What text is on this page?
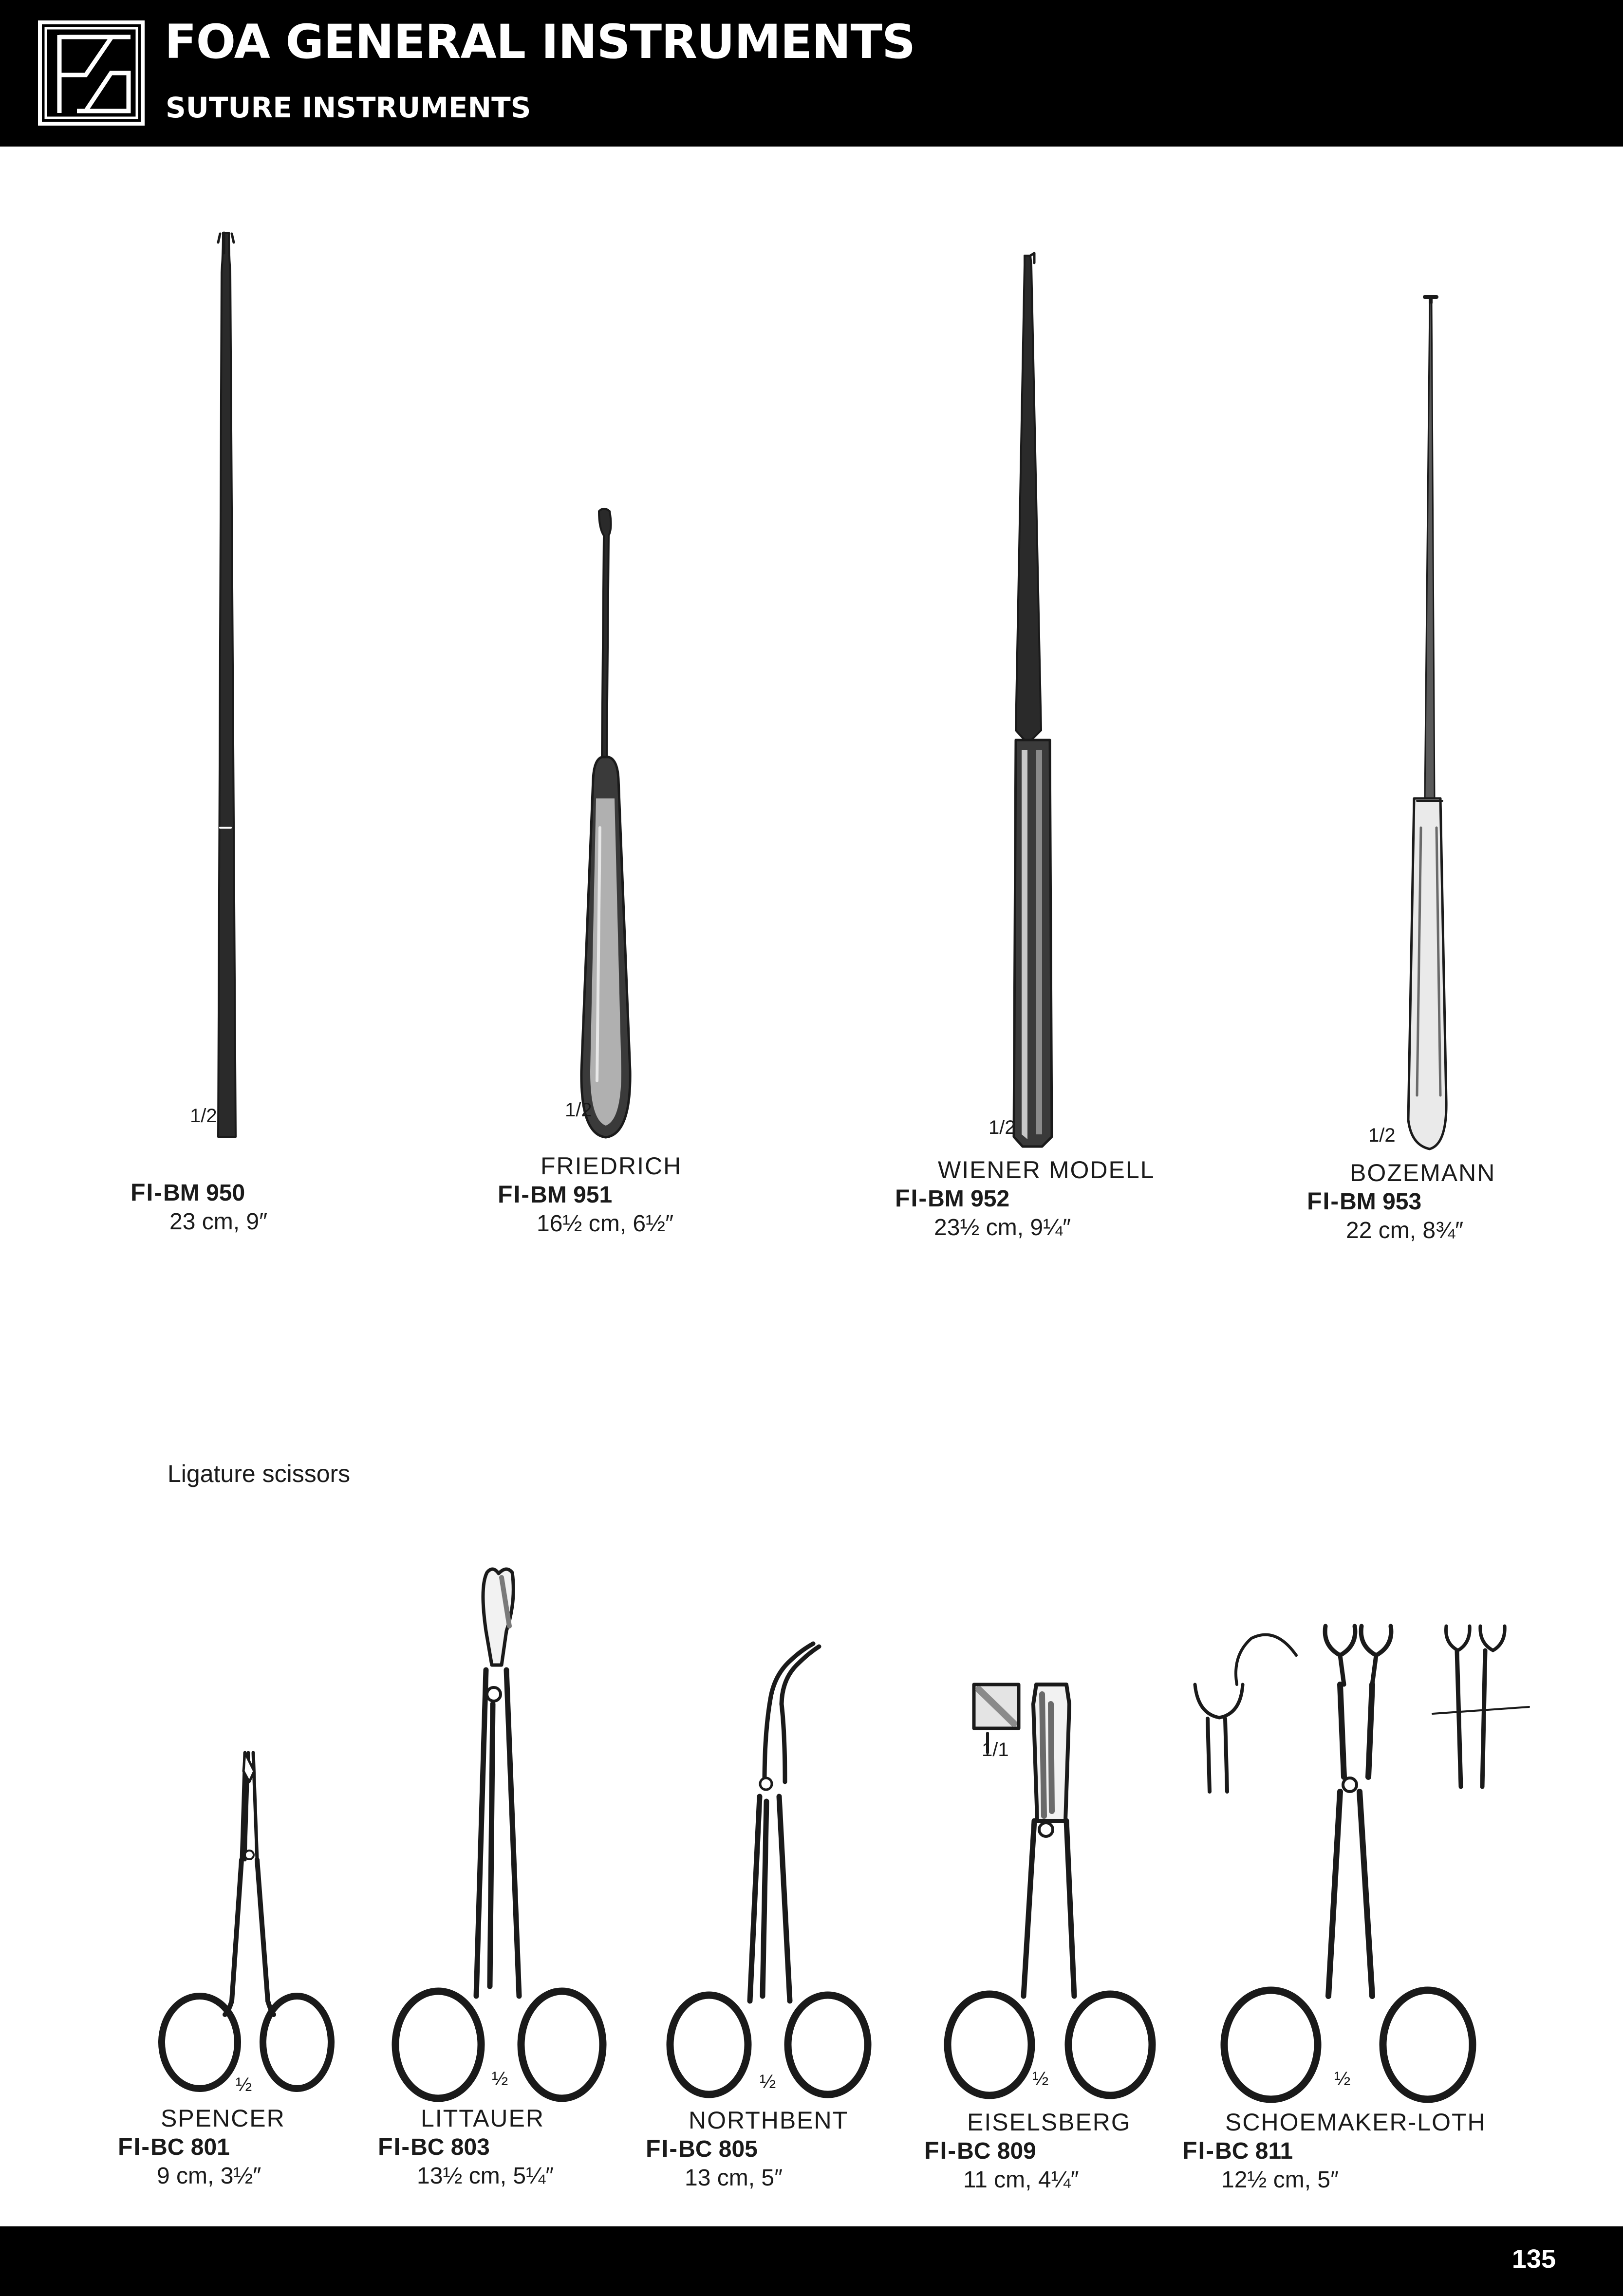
FOA GENERAL INSTRUMENTS
SUTURE INSTRUMENTS
1/2
FI-BM 950
23 cm, 9″
1/2
FRIEDRICH
FI-BM 951
16½ cm, 6½″
1/2
WIENER MODELL
FI-BM 952
23½ cm, 9¼″
1/2
BOZEMANN
FI-BM 953
22 cm, 8¾″
Ligature scissors
½	½	½	½
1/1
½
SPENCER
FI-BC 801
9 cm, 3½″
LITTAUER
FI-BC 803
13½ cm, 5¼″
NORTHBENT
FI-BC 805
13 cm, 5″
EISELSBERG
FI-BC 809
11 cm, 4¼″
SCHOEMAKER-LOTH
FI-BC 811
12½ cm, 5″
135
